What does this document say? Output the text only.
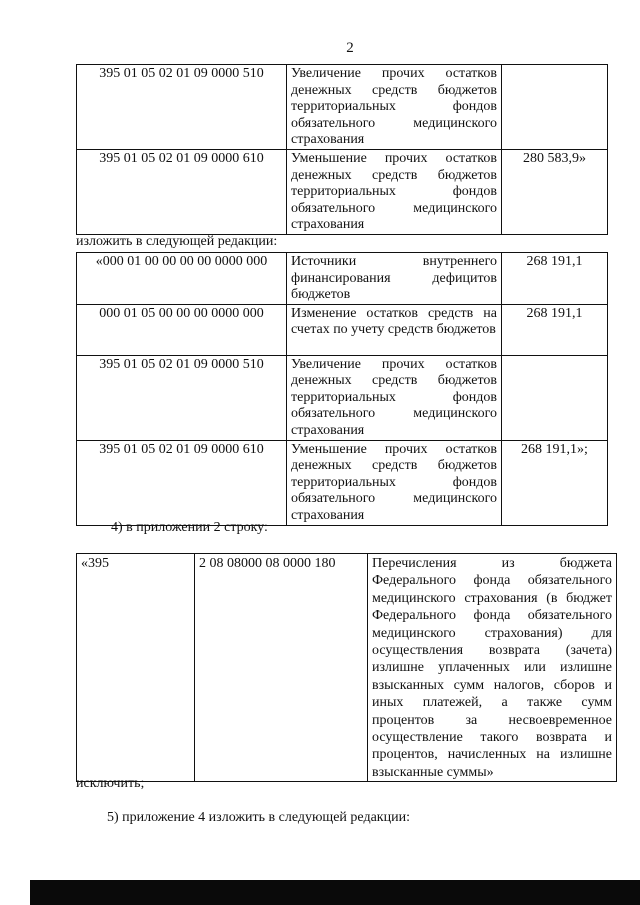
2
395 01 05 02 01 09 0000 510	Увеличение прочих остатков денежных средств бюджетов территориальных фондов обязательного медицинского страхования	
395 01 05 02 01 09 0000 610	Уменьшение прочих остатков денежных средств бюджетов территориальных фондов обязательного медицинского страхования	280 583,9»
изложить в следующей редакции:
«000 01 00 00 00 00 0000 000	Источники внутреннего финансирования дефицитов бюджетов	268 191,1
000 01 05 00 00 00 0000 000	Изменение остатков средств на счетах по учету средств бюджетов	268 191,1
395 01 05 02 01 09 0000 510	Увеличение прочих остатков денежных средств бюджетов территориальных фондов обязательного медицинского страхования	
395 01 05 02 01 09 0000 610	Уменьшение прочих остатков денежных средств бюджетов территориальных фондов обязательного медицинского страхования	268 191,1»;
4) в приложении 2 строку:
«395	2 08 08000 08 0000 180	Перечисления из бюджета Федерального фонда обязательного медицинского страхования (в бюджет Федерального фонда обязательного медицинского страхования) для осуществления возврата (зачета) излишне уплаченных или излишне взысканных сумм налогов, сборов и иных платежей, а также сумм процентов за несвоевременное осуществление такого возврата и процентов, начисленных на излишне взысканные суммы»
исключить;
5) приложение 4 изложить в следующей редакции:
